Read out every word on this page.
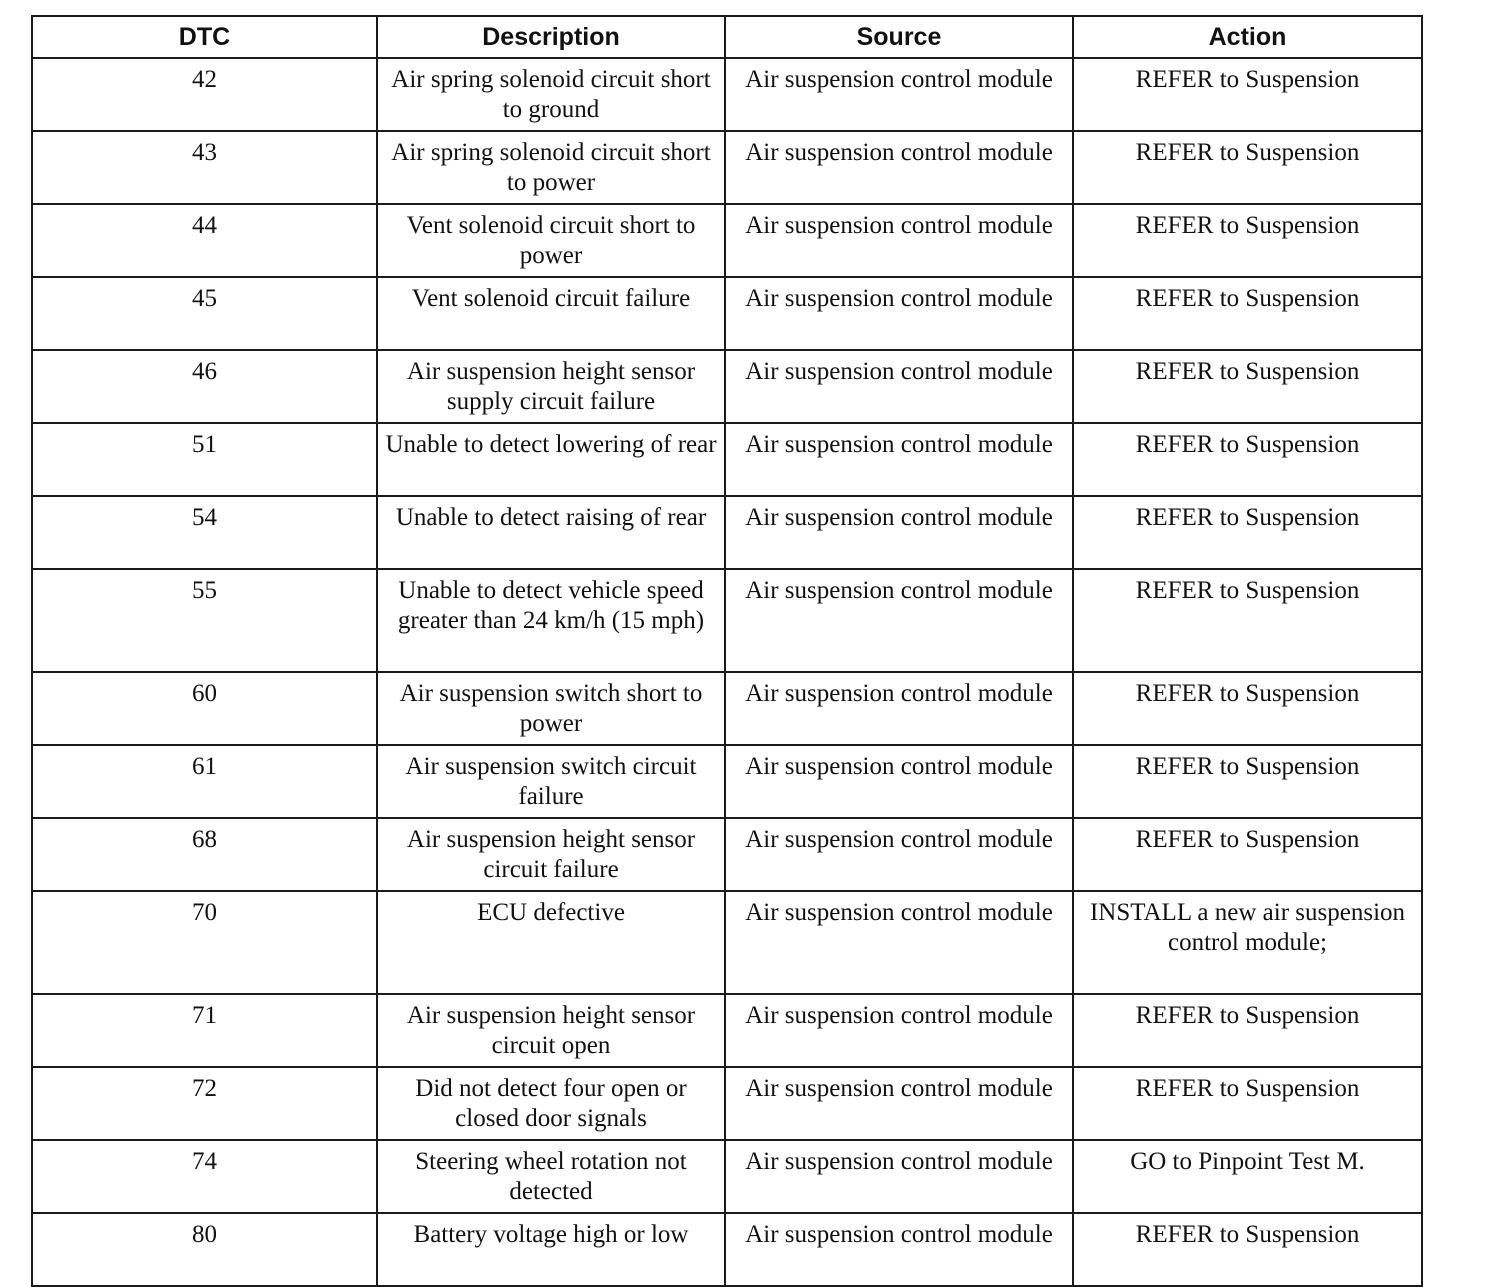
DTC	Description	Source	Action
42	Air spring solenoid circuit short to ground	Air suspension control module	REFER to Suspension
43	Air spring solenoid circuit short to power	Air suspension control module	REFER to Suspension
44	Vent solenoid circuit short to power	Air suspension control module	REFER to Suspension
45	Vent solenoid circuit failure	Air suspension control module	REFER to Suspension
46	Air suspension height sensor supply circuit failure	Air suspension control module	REFER to Suspension
51	Unable to detect lowering of rear	Air suspension control module	REFER to Suspension
54	Unable to detect raising of rear	Air suspension control module	REFER to Suspension
55	Unable to detect vehicle speed greater than 24 km/h (15 mph)	Air suspension control module	REFER to Suspension
60	Air suspension switch short to power	Air suspension control module	REFER to Suspension
61	Air suspension switch circuit failure	Air suspension control module	REFER to Suspension
68	Air suspension height sensor circuit failure	Air suspension control module	REFER to Suspension
70	ECU defective	Air suspension control module	INSTALL a new air suspension control module;
71	Air suspension height sensor circuit open	Air suspension control module	REFER to Suspension
72	Did not detect four open or closed door signals	Air suspension control module	REFER to Suspension
74	Steering wheel rotation not detected	Air suspension control module	GO to Pinpoint Test M.
80	Battery voltage high or low	Air suspension control module	REFER to Suspension
